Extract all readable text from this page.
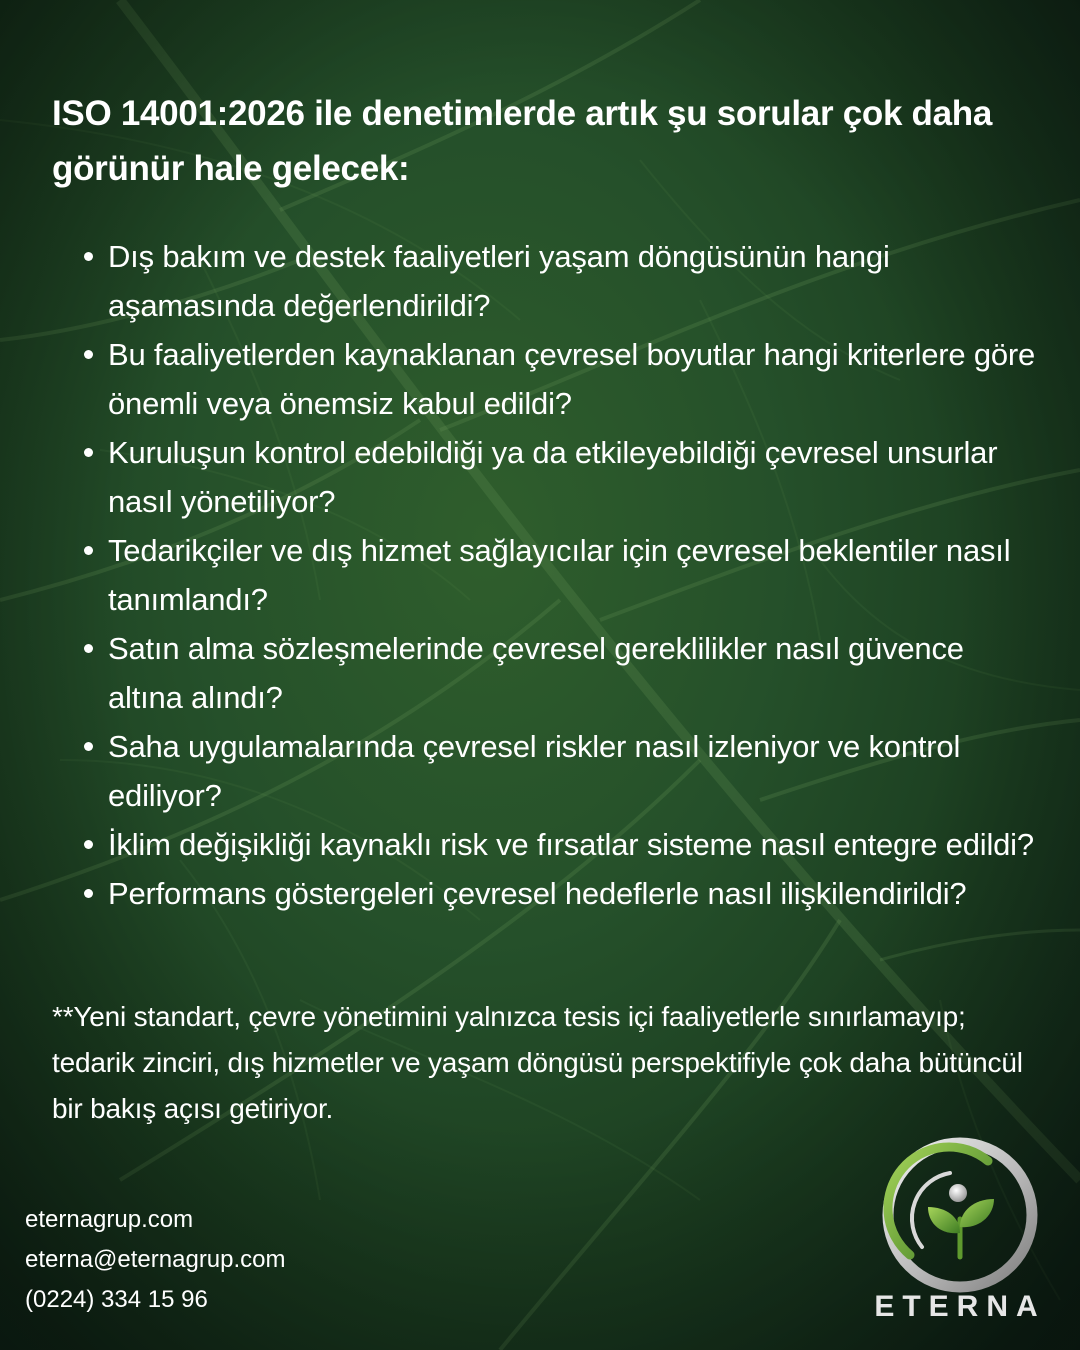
ISO 14001:2026 ile denetimlerde artık şu sorular çok daha görünür hale gelecek:
Dış bakım ve destek faaliyetleri yaşam döngüsünün hangi aşamasında değerlendirildi?
Bu faaliyetlerden kaynaklanan çevresel boyutlar hangi kriterlere göre önemli veya önemsiz kabul edildi?
Kuruluşun kontrol edebildiği ya da etkileyebildiği çevresel unsurlar nasıl yönetiliyor?
Tedarikçiler ve dış hizmet sağlayıcılar için çevresel beklentiler nasıl tanımlandı?
Satın alma sözleşmelerinde çevresel gereklilikler nasıl güvence altına alındı?
Saha uygulamalarında çevresel riskler nasıl izleniyor ve kontrol ediliyor?
İklim değişikliği kaynaklı risk ve fırsatlar sisteme nasıl entegre edildi?
Performans göstergeleri çevresel hedeflerle nasıl ilişkilendirildi?
**Yeni standart, çevre yönetimini yalnızca tesis içi faaliyetlerle sınırlamayıp; tedarik zinciri, dış hizmetler ve yaşam döngüsü perspektifiyle çok daha bütüncül bir bakış açısı getiriyor.
eternagrup.com
eterna@eternagrup.com
(0224) 334 15 96	ETERNA
